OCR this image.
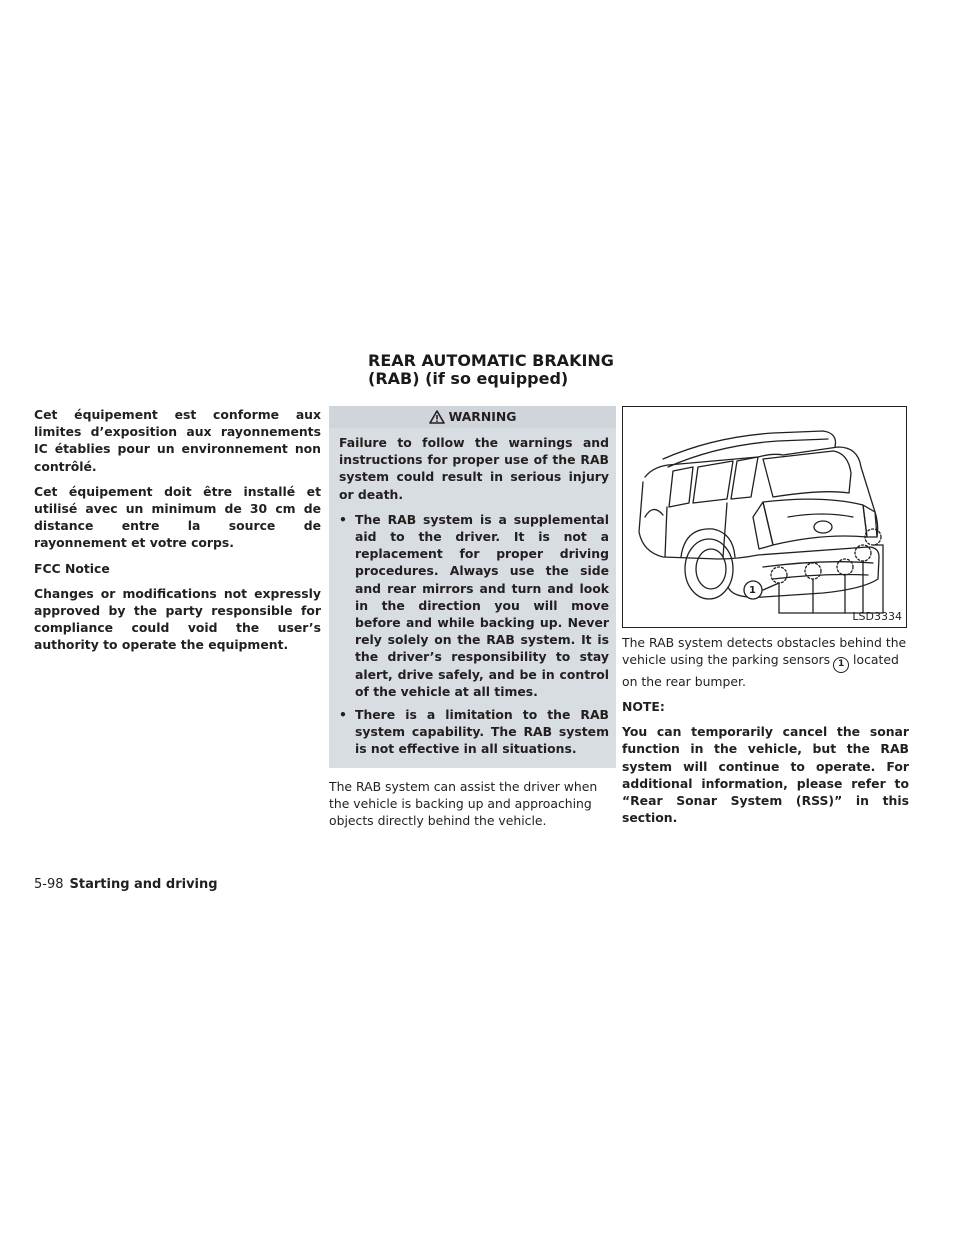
REAR AUTOMATIC BRAKING (RAB) (if so equipped)

Cet équipement est conforme aux limites d’exposition aux rayonnements IC établies pour un environnement non contrôlé.

Cet équipement doit être installé et utilisé avec un minimum de 30 cm de distance entre la source de rayonnement et votre corps.

FCC Notice

Changes or modifications not expressly approved by the party responsible for compliance could void the user’s authority to operate the equipment.

WARNING

Failure to follow the warnings and instructions for proper use of the RAB system could result in serious injury or death.

• The RAB system is a supplemental aid to the driver. It is not a replacement for proper driving procedures. Always use the side and rear mirrors and turn and look in the direction you will move before and while backing up. Never rely solely on the RAB system. It is the driver’s responsibility to stay alert, drive safely, and be in control of the vehicle at all times.
• There is a limitation to the RAB system capability. The RAB system is not effective in all situations.

The RAB system can assist the driver when the vehicle is backing up and approaching objects directly behind the vehicle.

1
LSD3334

The RAB system detects obstacles behind the vehicle using the parking sensors 1 located on the rear bumper.

NOTE:

You can temporarily cancel the sonar function in the vehicle, but the RAB system will continue to operate. For additional information, please refer to “Rear Sonar System (RSS)” in this section.

5-98 Starting and driving
